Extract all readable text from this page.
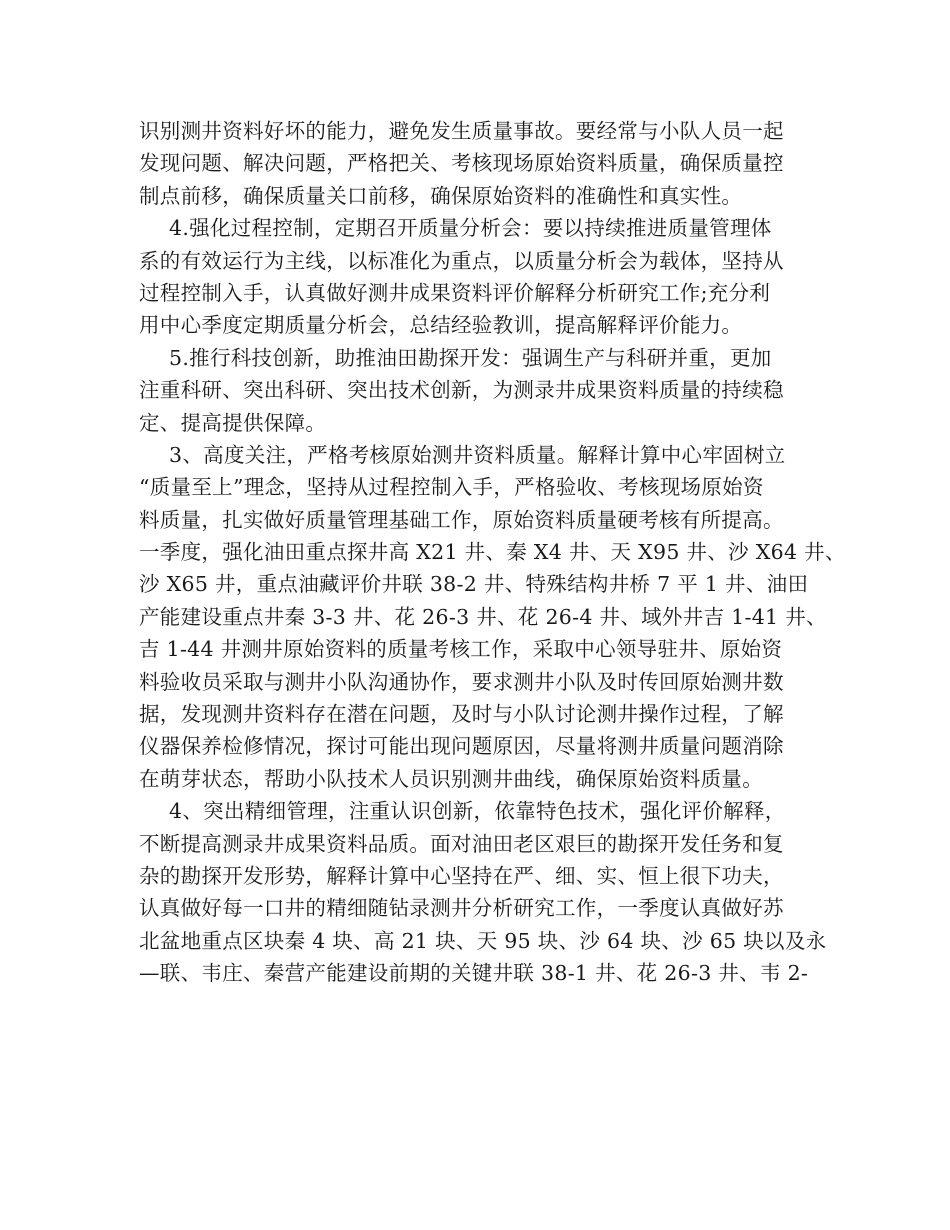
识别测井资料好坏的能力，避免发生质量事故。要经常与小队人员一起
发现问题、解决问题，严格把关、考核现场原始资料质量，确保质量控
制点前移，确保质量关口前移，确保原始资料的准确性和真实性。
4.强化过程控制，定期召开质量分析会：要以持续推进质量管理体
系的有效运行为主线，以标准化为重点，以质量分析会为载体，坚持从
过程控制入手，认真做好测井成果资料评价解释分析研究工作;充分利
用中心季度定期质量分析会，总结经验教训，提高解释评价能力。
5.推行科技创新，助推油田勘探开发：强调生产与科研并重，更加
注重科研、突出科研、突出技术创新，为测录井成果资料质量的持续稳
定、提高提供保障。
3、高度关注，严格考核原始测井资料质量。解释计算中心牢固树立
“质量至上”理念，坚持从过程控制入手，严格验收、考核现场原始资
料质量，扎实做好质量管理基础工作，原始资料质量硬考核有所提高。
一季度，强化油田重点探井高 X21 井、秦 X4 井、天 X95 井、沙 X64 井、
沙 X65 井，重点油藏评价井联 38-2 井、特殊结构井桥 7 平 1 井、油田
产能建设重点井秦 3-3 井、花 26-3 井、花 26-4 井、域外井吉 1-41 井、
吉 1-44 井测井原始资料的质量考核工作，采取中心领导驻井、原始资
料验收员采取与测井小队沟通协作，要求测井小队及时传回原始测井数
据，发现测井资料存在潜在问题，及时与小队讨论测井操作过程，了解
仪器保养检修情况，探讨可能出现问题原因，尽量将测井质量问题消除
在萌芽状态，帮助小队技术人员识别测井曲线，确保原始资料质量。
4、突出精细管理，注重认识创新，依靠特色技术，强化评价解释，
不断提高测录井成果资料品质。面对油田老区艰巨的勘探开发任务和复
杂的勘探开发形势，解释计算中心坚持在严、细、实、恒上很下功夫，
认真做好每一口井的精细随钻录测井分析研究工作，一季度认真做好苏
北盆地重点区块秦 4 块、高 21 块、天 95 块、沙 64 块、沙 65 块以及永
—联、韦庄、秦营产能建设前期的关键井联 38-1 井、花 26-3 井、韦 2-
